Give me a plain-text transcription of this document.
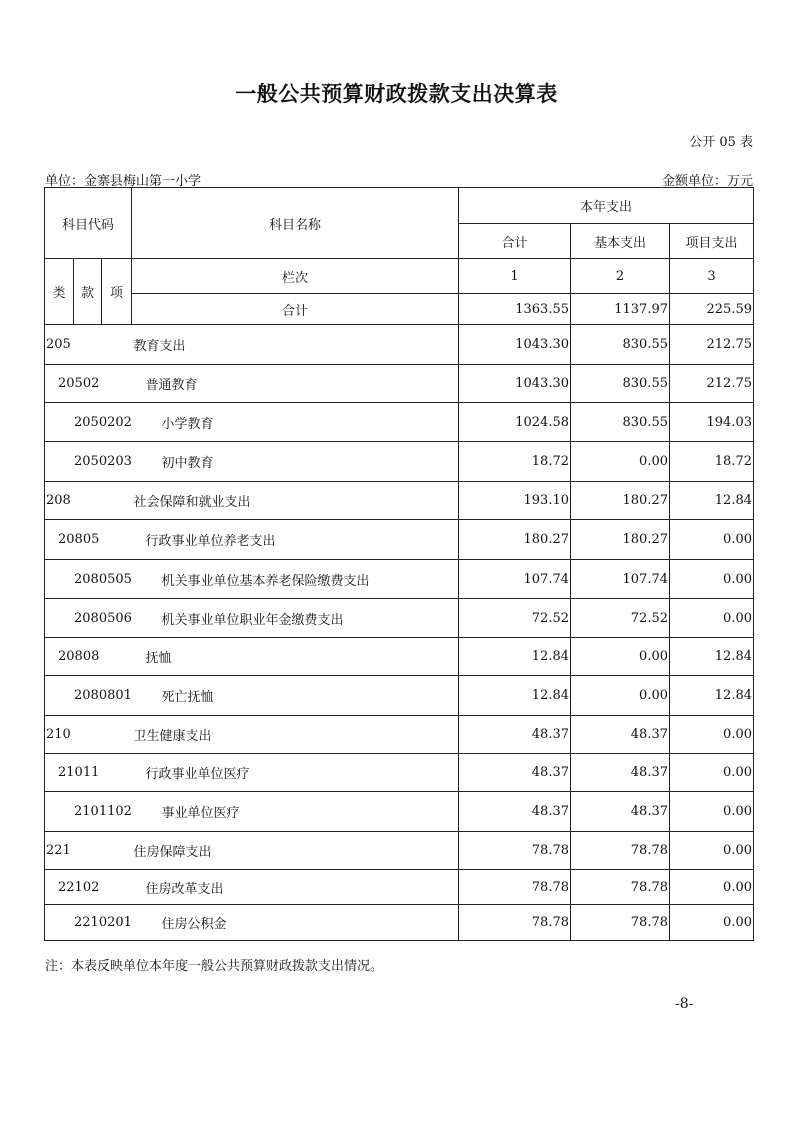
一般公共预算财政拨款支出决算表
公开 05 表
单位：金寨县梅山第一小学	金额单位：万元
科目代码			科目名称	本年支出		
				合计	基本支出	项目支出
类	款	项	栏次	1	2	3
			合计	1363.55	1137.97	225.59
205			教育支出	1043.30	830.55	212.75
20502			普通教育	1043.30	830.55	212.75
2050202			小学教育	1024.58	830.55	194.03
2050203			初中教育	18.72	0.00	18.72
208			社会保障和就业支出	193.10	180.27	12.84
20805			行政事业单位养老支出	180.27	180.27	0.00
2080505			机关事业单位基本养老保险缴费支出	107.74	107.74	0.00
2080506			机关事业单位职业年金缴费支出	72.52	72.52	0.00
20808			抚恤	12.84	0.00	12.84
2080801			死亡抚恤	12.84	0.00	12.84
210			卫生健康支出	48.37	48.37	0.00
21011			行政事业单位医疗	48.37	48.37	0.00
2101102			事业单位医疗	48.37	48.37	0.00
221			住房保障支出	78.78	78.78	0.00
22102			住房改革支出	78.78	78.78	0.00
2210201			住房公积金	78.78	78.78	0.00
注：本表反映单位本年度一般公共预算财政拨款支出情况。
-8-
